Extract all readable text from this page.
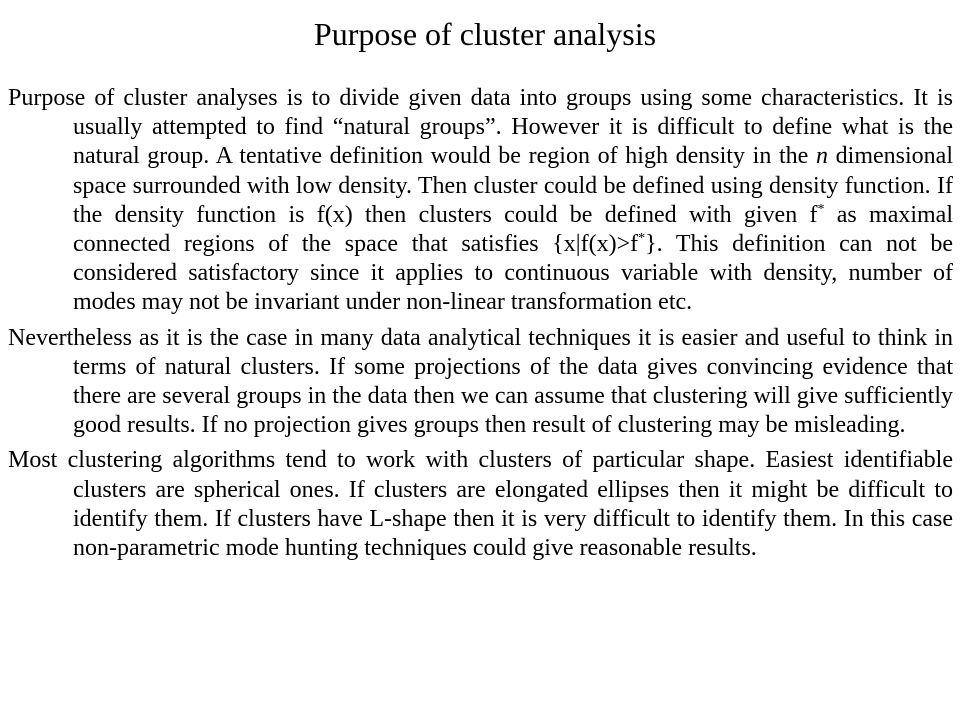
Purpose of cluster analysis

Purpose of cluster analyses is to divide given data into groups using some characteristics. It is usually attempted to find “natural groups”. However it is difficult to define what is the natural group. A tentative definition would be region of high density in the n dimensional space surrounded with low density. Then cluster could be defined using density function. If the density function is f(x) then clusters could be defined with given f* as maximal connected regions of the space that satisfies {x|f(x)>f*}. This definition can not be considered satisfactory since it applies to continuous variable with density, number of modes may not be invariant under non-linear transformation etc.

Nevertheless as it is the case in many data analytical techniques it is easier and useful to think in terms of natural clusters. If some projections of the data gives convincing evidence that there are several groups in the data then we can assume that clustering will give sufficiently good results. If no projection gives groups then result of clustering may be misleading.

Most clustering algorithms tend to work with clusters of particular shape. Easiest identifiable clusters are spherical ones. If clusters are elongated ellipses then it might be difficult to identify them. If clusters have L-shape then it is very difficult to identify them. In this case non-parametric mode hunting techniques could give reasonable results.
